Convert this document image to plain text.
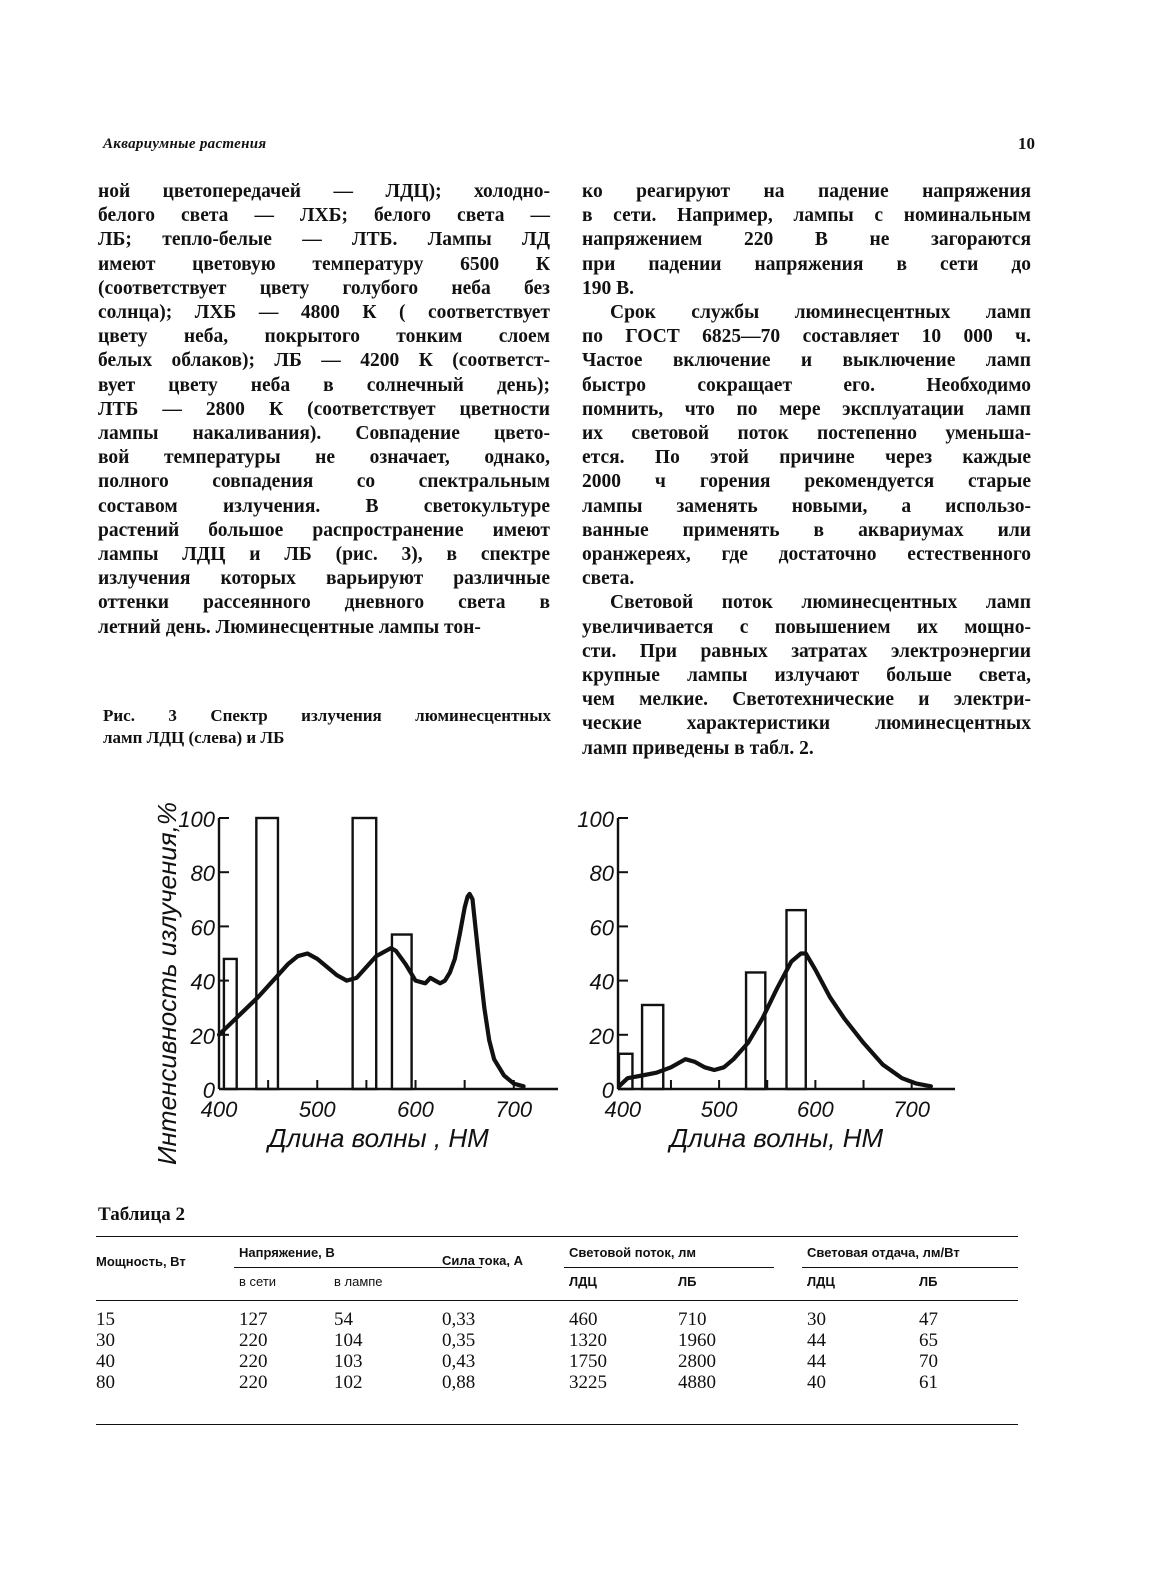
Аквариумные растения	10

ной цветопередачей — ЛДЦ); холодно-
белого света — ЛХБ; белого света —
ЛБ; тепло-белые — ЛТБ. Лампы ЛД
имеют цветовую температуру 6500 К
(соответствует цвету голубого неба без
солнца); ЛХБ — 4800 К ( соответствует
цвету неба, покрытого тонким слоем
белых облаков); ЛБ — 4200 К (соответст-
вует цвету неба в солнечный день);
ЛТБ — 2800 К (соответствует цветности
лампы накаливания). Совпадение цвето-
вой температуры не означает, однако,
полного совпадения со спектральным
составом излучения. В светокультуре
растений большое распространение имеют
лампы ЛДЦ и ЛБ (рис. 3), в спектре
излучения которых варьируют различные
оттенки рассеянного дневного света в
летний день. Люминесцентные лампы тон-

ко реагируют на падение напряжения
в сети. Например, лампы с номинальным
напряжением 220 В не загораются
при падении напряжения в сети до
190 В.

Срок службы люминесцентных ламп
по ГОСТ 6825—70 составляет 10 000 ч.
Частое включение и выключение ламп
быстро сокращает его. Необходимо
помнить, что по мере эксплуатации ламп
их световой поток постепенно уменьша-
ется. По этой причине через каждые
2000 ч горения рекомендуется старые
лампы заменять новыми, а использо-
ванные применять в аквариумах или
оранжереях, где достаточно естественного
света.

Световой поток люминесцентных ламп
увеличивается с повышением их мощно-
сти. При равных затратах электроэнергии
крупные лампы излучают больше света,
чем мелкие. Светотехнические и электри-
ческие характеристики люминесцентных
ламп приведены в табл. 2.

Рис. 3 Спектр излучения люминесцентных
ламп ЛДЦ (слева) и ЛБ
0
20
40
60
80
100
400	500	600	700
Длина волны , НМ
Интенсивность излучения,%	0
20
40
60
80
100
400	500	600	700
Длина волны, НМ
Таблица 2
Мощность, Вт
Напряжение, В
в сети	в лампе
Сила тока, А
Световой поток, лм
ЛДЦ	ЛБ
Световая отдача, лм/Вт
ЛДЦ	ЛБ
15	127	54	0,33	460	710	30	47
30	220	104	0,35	1320	1960	44	65
40	220	103	0,43	1750	2800	44	70
80	220	102	0,88	3225	4880	40	61
